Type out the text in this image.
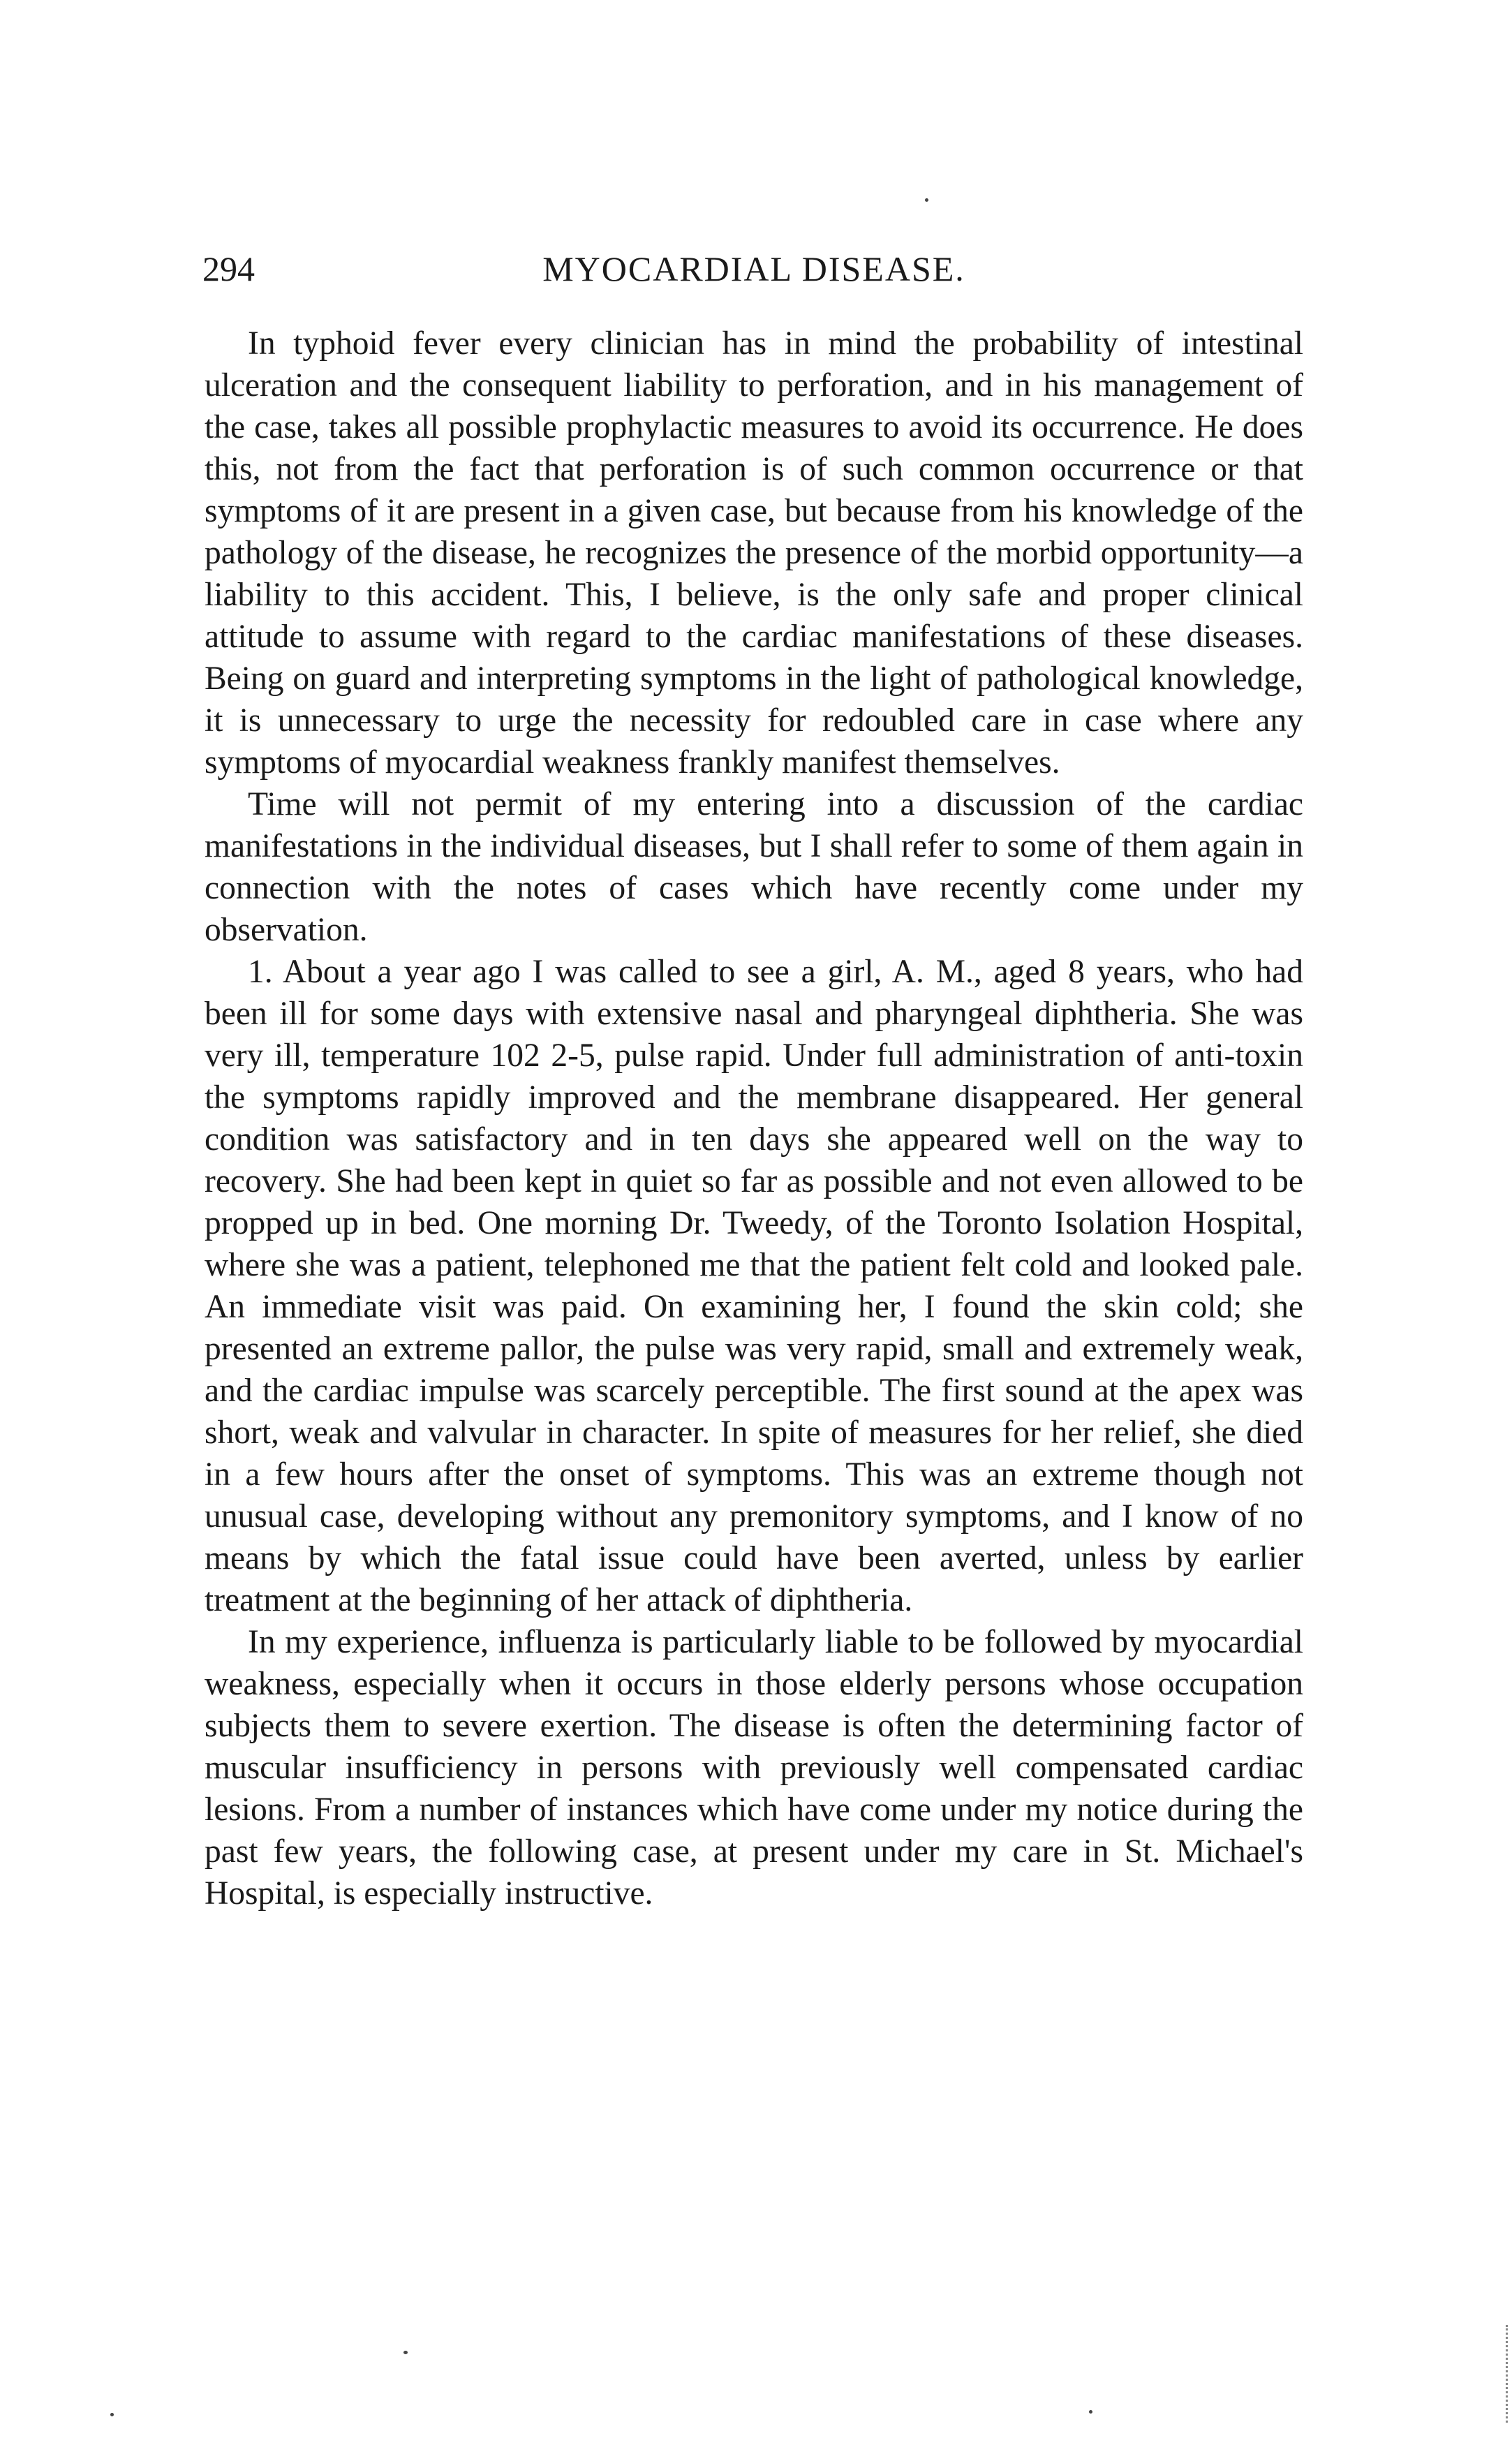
294	MYOCARDIAL DISEASE.

In typhoid fever every clinician has in mind the probability of intestinal ulceration and the consequent liability to perforation, and in his management of the case, takes all possible prophylactic measures to avoid its occurrence. He does this, not from the fact that perforation is of such common occurrence or that symptoms of it are present in a given case, but because from his knowledge of the pathology of the disease, he recognizes the presence of the morbid opportunity—a liability to this accident. This, I believe, is the only safe and proper clinical attitude to assume with regard to the cardiac manifestations of these diseases. Being on guard and interpreting symptoms in the light of pathological knowledge, it is unnecessary to urge the necessity for redoubled care in case where any symptoms of myocardial weakness frankly manifest themselves.

Time will not permit of my entering into a discussion of the cardiac manifestations in the individual diseases, but I shall refer to some of them again in connection with the notes of cases which have recently come under my observation.

1. About a year ago I was called to see a girl, A. M., aged 8 years, who had been ill for some days with extensive nasal and pharyngeal diphtheria. She was very ill, temperature 102 2-5, pulse rapid. Under full administration of anti-toxin the symptoms rapidly improved and the membrane disappeared. Her general condition was satisfactory and in ten days she appeared well on the way to recovery. She had been kept in quiet so far as possible and not even allowed to be propped up in bed. One morning Dr. Tweedy, of the Toronto Isolation Hospital, where she was a patient, telephoned me that the patient felt cold and looked pale. An immediate visit was paid. On examining her, I found the skin cold; she presented an extreme pallor, the pulse was very rapid, small and extremely weak, and the cardiac impulse was scarcely perceptible. The first sound at the apex was short, weak and valvular in character. In spite of measures for her relief, she died in a few hours after the onset of symptoms. This was an extreme though not unusual case, developing without any premonitory symptoms, and I know of no means by which the fatal issue could have been averted, unless by earlier treatment at the beginning of her attack of diphtheria.

In my experience, influenza is particularly liable to be followed by myocardial weakness, especially when it occurs in those elderly persons whose occupation subjects them to severe exertion. The disease is often the determining factor of muscular insufficiency in persons with previously well compensated cardiac lesions. From a number of instances which have come under my notice during the past few years, the following case, at present under my care in St. Michael's Hospital, is especially instructive.
